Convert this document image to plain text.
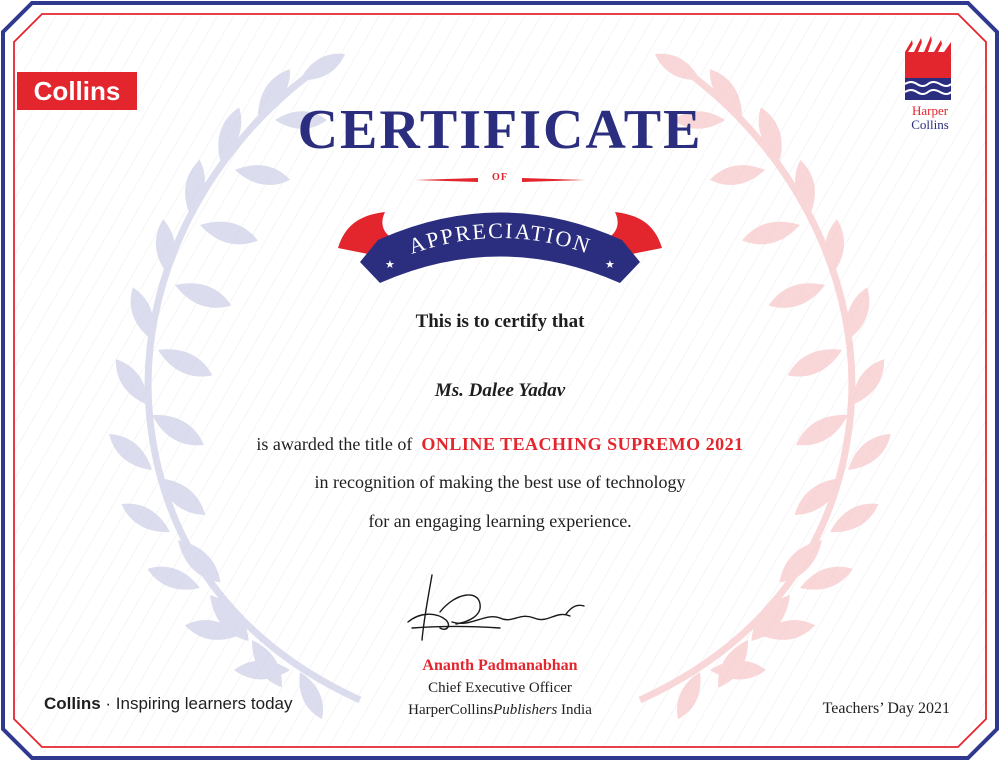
APPRECIATION
★	★
Collins
Harper
Collins
CERTIFICATE
OF

This is to certify that

Ms. Dalee Yadav

is awarded the title of ONLINE TEACHING SUPREMO 2021

in recognition of making the best use of technology

for an engaging learning experience.

Ananth Padmanabhan

Chief Executive Officer

HarperCollinsPublishers India

Collins · Inspiring learners today	Teachers’ Day 2021
